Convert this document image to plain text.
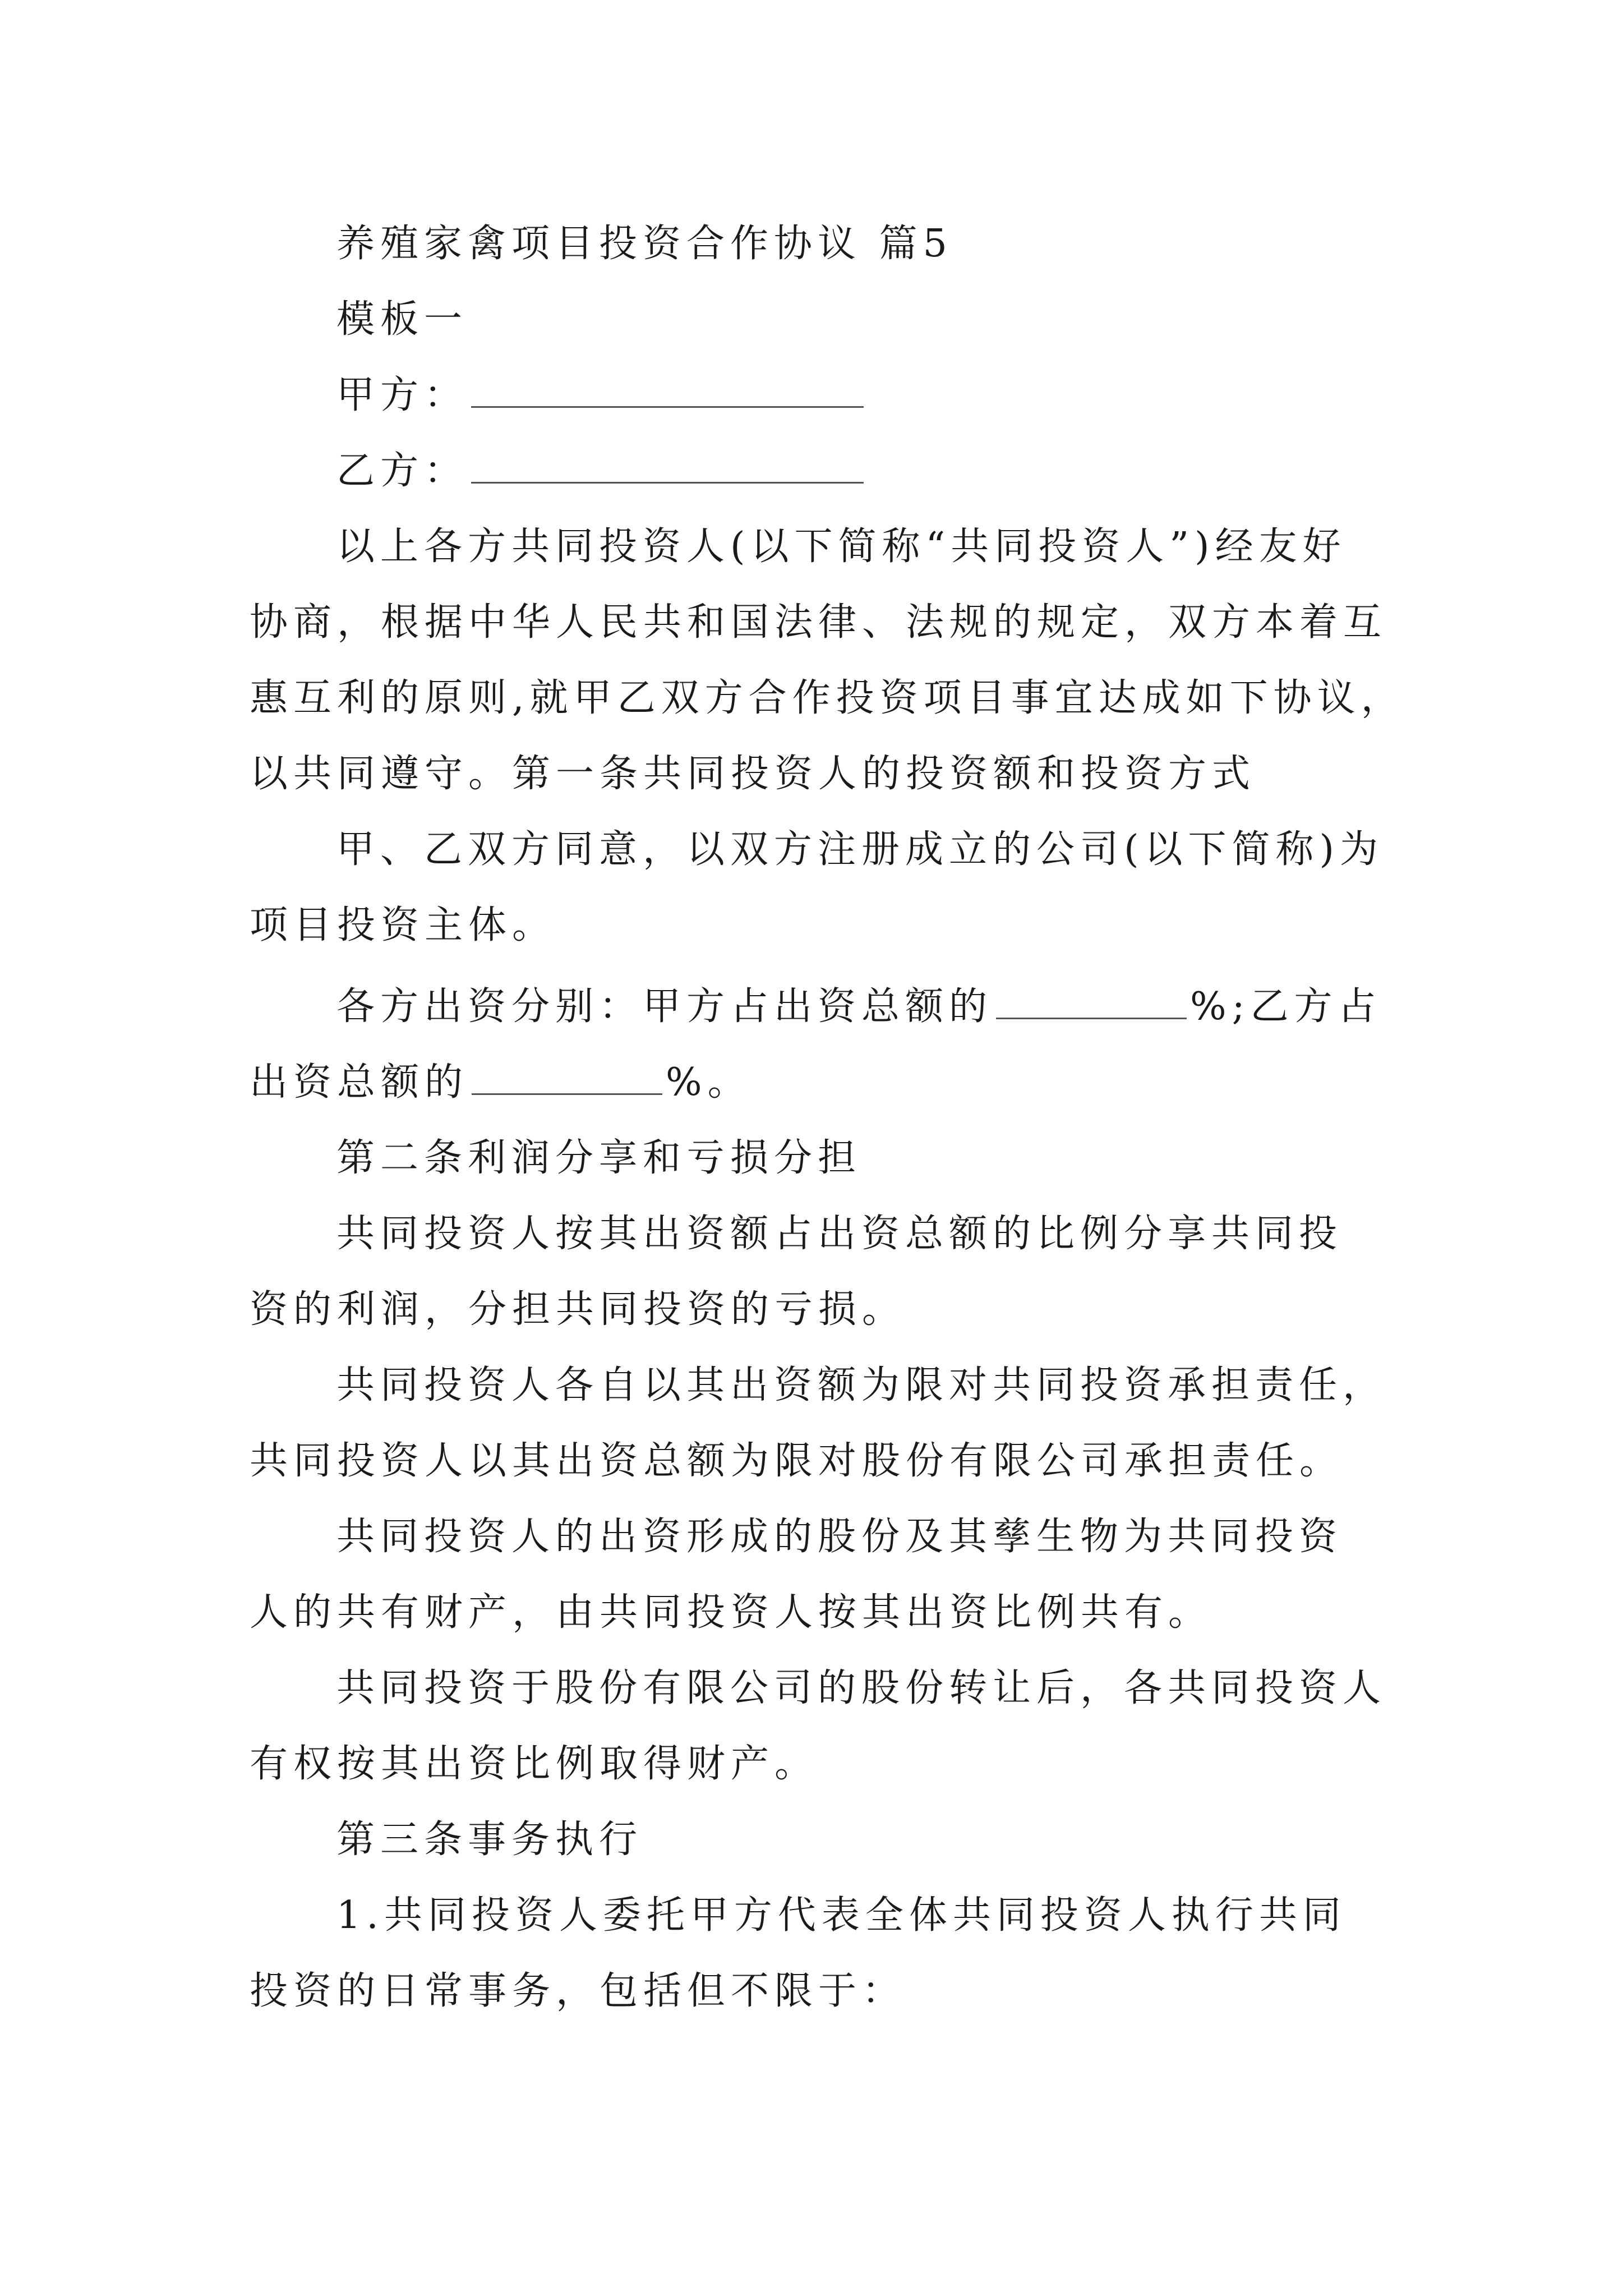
养殖家禽项目投资合作协议 篇5
模板一
甲方：
乙方：
以上各方共同投资人(以下简称“共同投资人”)经友好
协商，根据中华人民共和国法律、法规的规定，双方本着互
惠互利的原则,就甲乙双方合作投资项目事宜达成如下协议，
以共同遵守。第一条共同投资人的投资额和投资方式
甲、乙双方同意，以双方注册成立的公司(以下简称)为
项目投资主体。
各方出资分别：甲方占出资总额的	%;乙方占
出资总额的	%。
第二条利润分享和亏损分担
共同投资人按其出资额占出资总额的比例分享共同投
资的利润，分担共同投资的亏损。
共同投资人各自以其出资额为限对共同投资承担责任，
共同投资人以其出资总额为限对股份有限公司承担责任。
共同投资人的出资形成的股份及其孳生物为共同投资
人的共有财产，由共同投资人按其出资比例共有。
共同投资于股份有限公司的股份转让后，各共同投资人
有权按其出资比例取得财产。
第三条事务执行
1.共同投资人委托甲方代表全体共同投资人执行共同
投资的日常事务，包括但不限于：
